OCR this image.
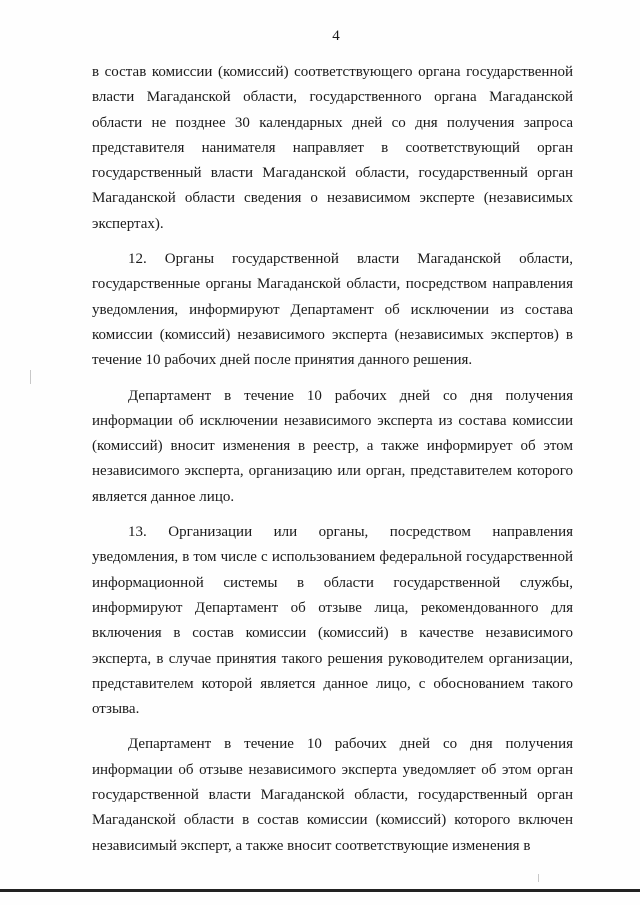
4

в состав комиссии (комиссий) соответствующего органа государственной власти Магаданской области, государственного органа Магаданской области не позднее 30 календарных дней со дня получения запроса представителя нанимателя направляет в соответствующий орган государственный власти Магаданской области, государственный орган Магаданской области сведения о независимом эксперте (независимых экспертах).

12. Органы государственной власти Магаданской области, государственные органы Магаданской области, посредством направления уведомления, информируют Департамент об исключении из состава комиссии (комиссий) независимого эксперта (независимых экспертов) в течение 10 рабочих дней после принятия данного решения.

Департамент в течение 10 рабочих дней со дня получения информации об исключении независимого эксперта из состава комиссии (комиссий) вносит изменения в реестр, а также информирует об этом независимого эксперта, организацию или орган, представителем которого является данное лицо.

13. Организации или органы, посредством направления уведомления, в том числе с использованием федеральной государственной информационной системы в области государственной службы, информируют Департамент об отзыве лица, рекомендованного для включения в состав комиссии (комиссий) в качестве независимого эксперта, в случае принятия такого решения руководителем организации, представителем которой является данное лицо, с обоснованием такого отзыва.

Департамент в течение 10 рабочих дней со дня получения информации об отзыве независимого эксперта уведомляет об этом орган государственной власти Магаданской области, государственный орган Магаданской области в состав комиссии (комиссий) которого включен независимый эксперт, а также вносит соответствующие изменения в
